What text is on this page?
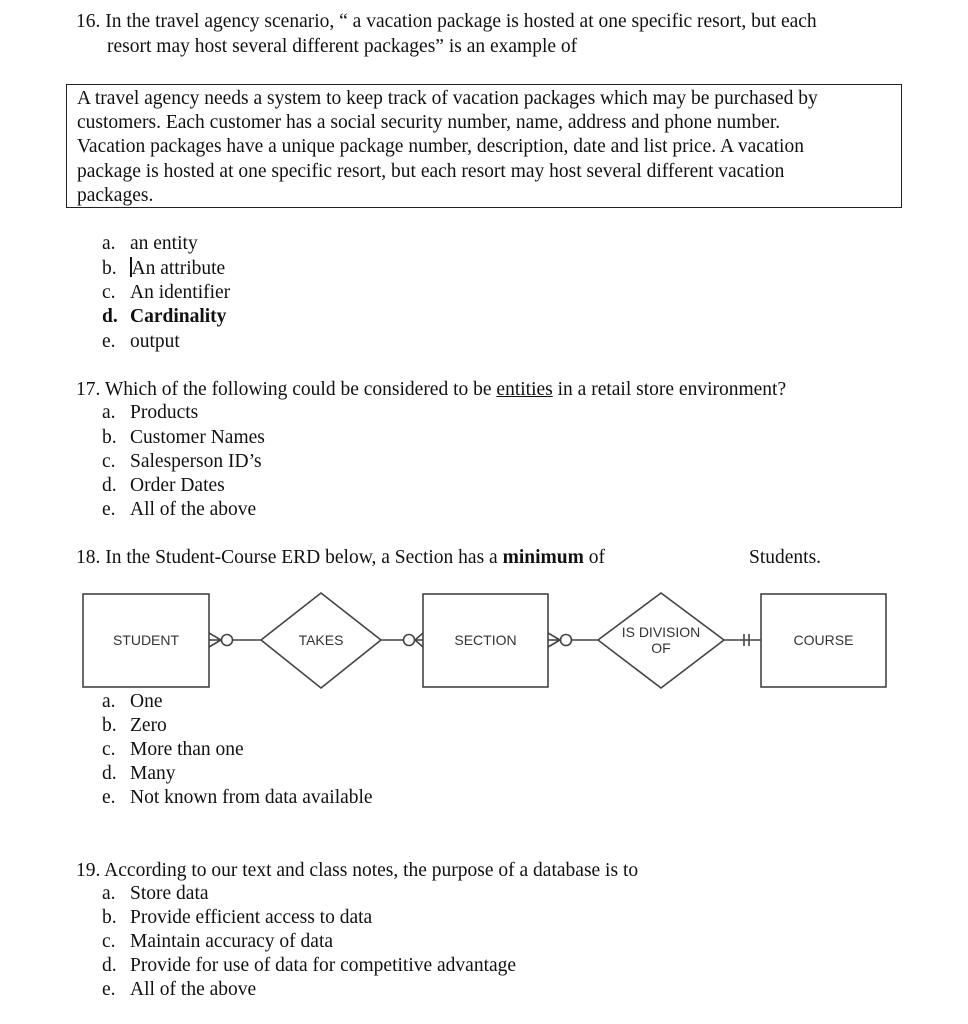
16. In the travel agency scenario, “ a vacation package is hosted at one specific resort, but each
resort may host several different packages” is an example of
A travel agency needs a system to keep track of vacation packages which may be purchased by
customers. Each customer has a social security number, name, address and phone number.
Vacation packages have a unique package number, description, date and list price. A vacation
package is hosted at one specific resort, but each resort may host several different vacation
packages.
a. an entity
b. An attribute
c. An identifier
d. Cardinality
e. output
17. Which of the following could be considered to be entities in a retail store environment?
a. Products
b. Customer Names
c. Salesperson ID’s
d. Order Dates
e. All of the above
18. In the Student-Course ERD below, a Section has a minimum of	Students.
STUDENT	TAKES	SECTION	IS DIVISION
OF	COURSE
a. One
b. Zero
c. More than one
d. Many
e. Not known from data available
19. According to our text and class notes, the purpose of a database is to
a. Store data
b. Provide efficient access to data
c. Maintain accuracy of data
d. Provide for use of data for competitive advantage
e. All of the above
